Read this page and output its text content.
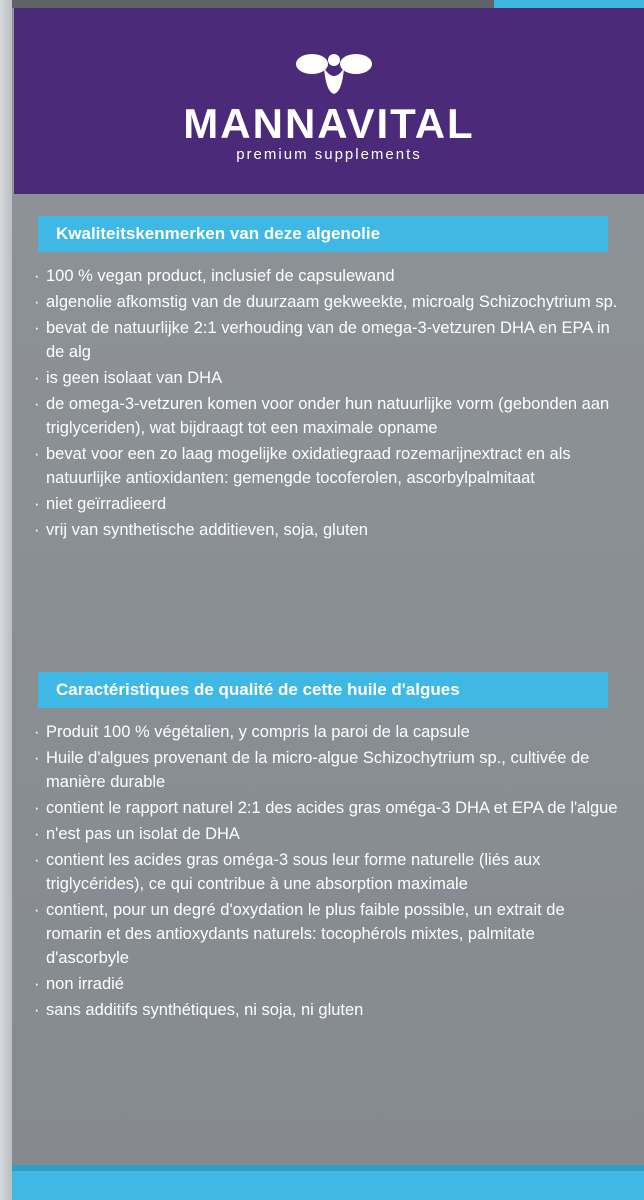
MANNAVITAL
premium supplements
Kwaliteitskenmerken van deze algenolie
· 100 % vegan product, inclusief de capsulewand
· algenolie afkomstig van de duurzaam gekweekte, microalg Schizochytrium sp.
· bevat de natuurlijke 2:1 verhouding van de omega-3-vetzuren DHA en EPA in de alg
· is geen isolaat van DHA
· de omega-3-vetzuren komen voor onder hun natuurlijke vorm (gebonden aan triglyceriden), wat bijdraagt tot een maximale opname
· bevat voor een zo laag mogelijke oxidatiegraad rozemarijnextract en als natuurlijke antioxidanten: gemengde tocoferolen, ascorbylpalmitaat
· niet geïrradieerd
· vrij van synthetische additieven, soja, gluten
Caractéristiques de qualité de cette huile d'algues
· Produit 100 % végétalien, y compris la paroi de la capsule
· Huile d'algues provenant de la micro-algue Schizochytrium sp., cultivée de manière durable
· contient le rapport naturel 2:1 des acides gras oméga-3 DHA et EPA de l'algue
· n'est pas un isolat de DHA
· contient les acides gras oméga-3 sous leur forme naturelle (liés aux triglycérides), ce qui contribue à une absorption maximale
· contient, pour un degré d'oxydation le plus faible possible, un extrait de romarin et des antioxydants naturels: tocophérols mixtes, palmitate d'ascorbyle
· non irradié
· sans additifs synthétiques, ni soja, ni gluten
